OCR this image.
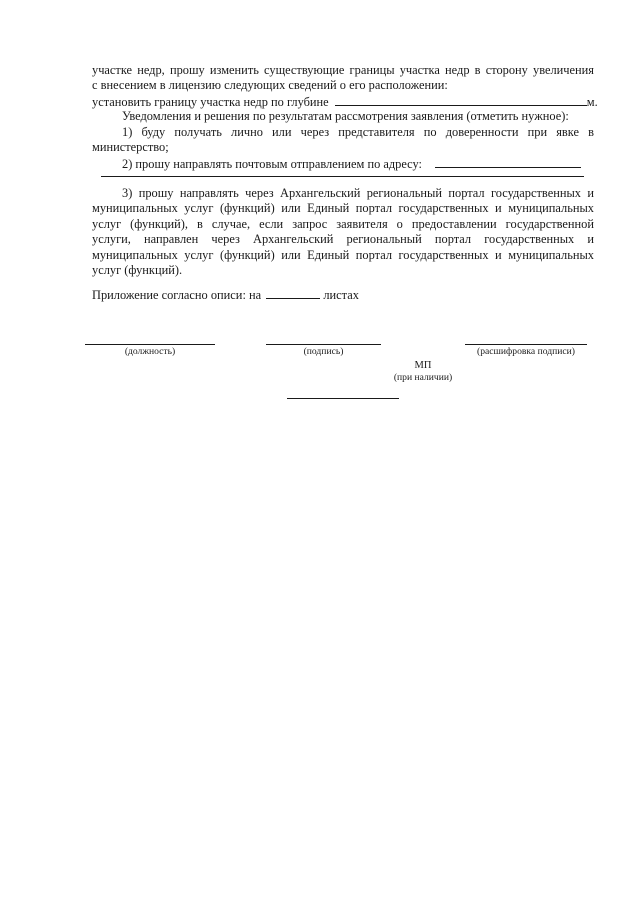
участке недр, прошу изменить существующие границы участка недр в сторону увеличения
с внесением в лицензию следующих сведений о его расположении:
установить границу участка недр по глубине	м.
Уведомления и решения по результатам рассмотрения заявления (отметить нужное):
1) буду получать лично или через представителя по доверенности при явке в
министерство;
2) прошу направлять почтовым отправлением по адресу:
3) прошу направлять через Архангельский региональный портал государственных и
муниципальных услуг (функций) или Единый портал государственных и муниципальных
услуг (функций), в случае, если запрос заявителя о предоставлении государственной
услуги, направлен через Архангельский региональный портал государственных и
муниципальных услуг (функций) или Единый портал государственных и муниципальных
услуг (функций).
Приложение согласно описи: на	листах
(должность)	(подпись)	(расшифровка подписи)
МП
(при наличии)
